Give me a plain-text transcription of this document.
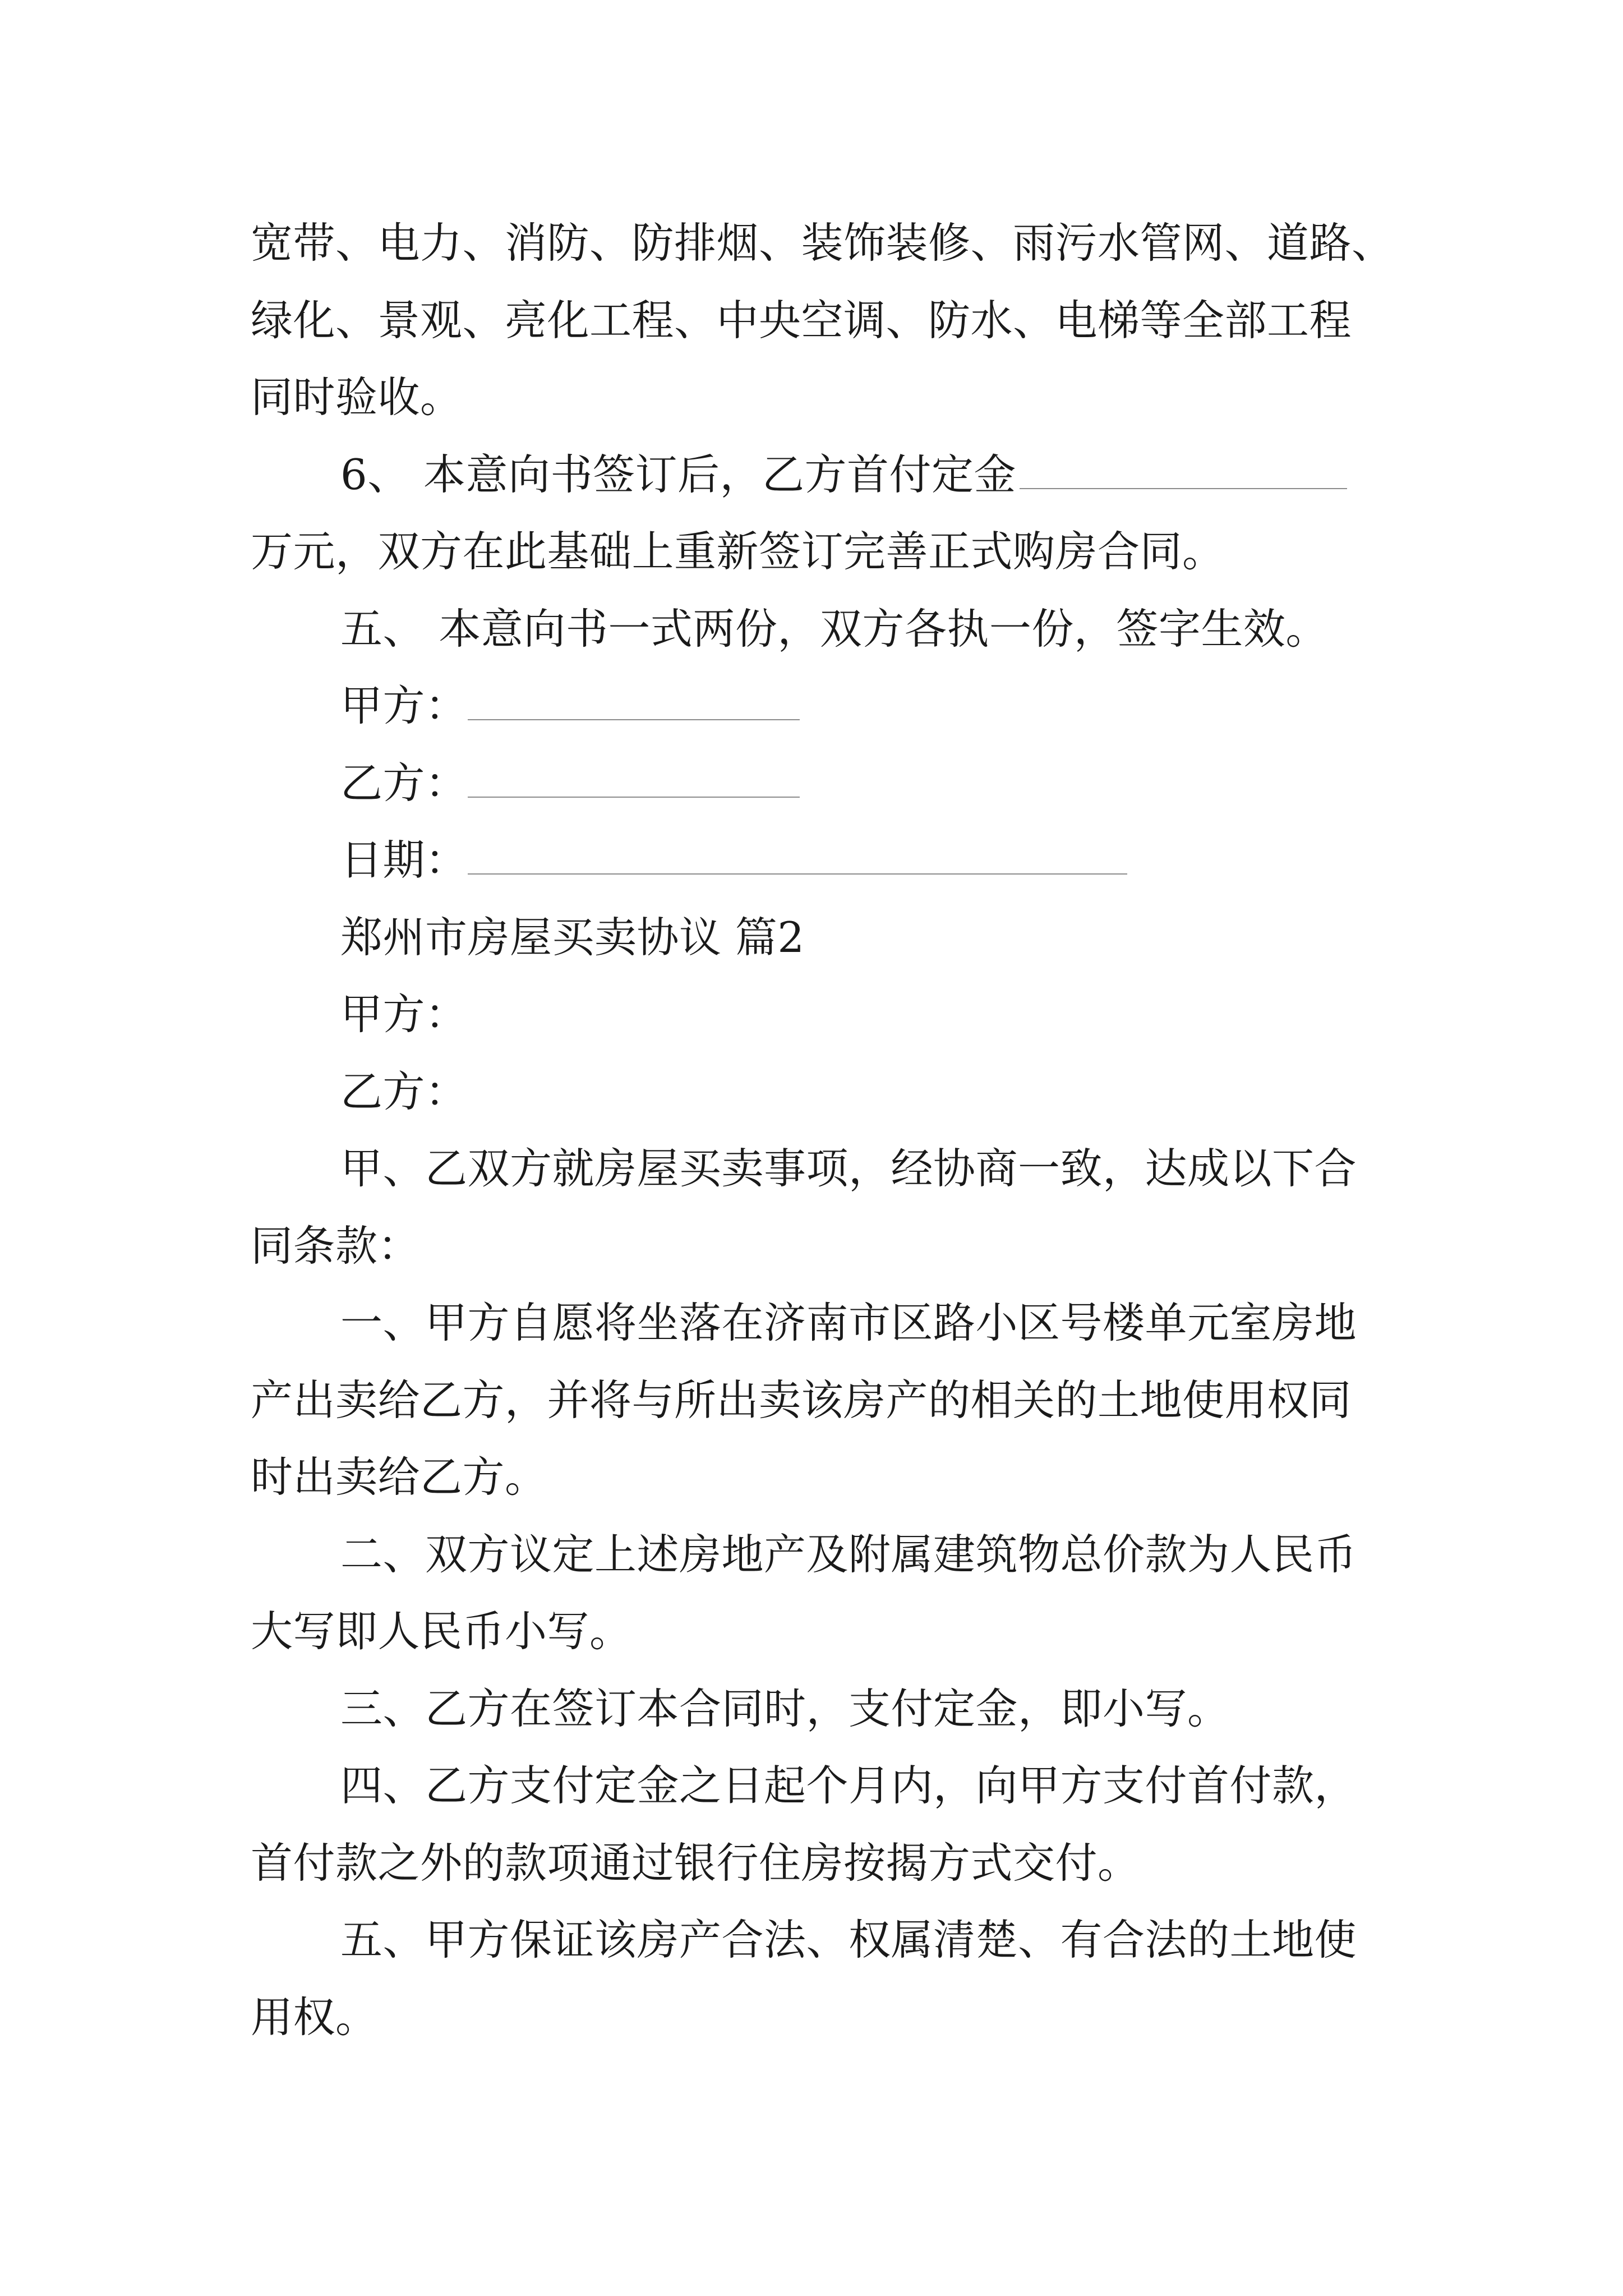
宽带、电力、消防、防排烟、装饰装修、雨污水管网、道路、
绿化、景观、亮化工程、中央空调、防水、电梯等全部工程
同时验收。
6、 本意向书签订后，乙方首付定金
万元，双方在此基础上重新签订完善正式购房合同。
五、 本意向书一式两份，双方各执一份，签字生效。
甲方：
乙方：
日期：
郑州市房屋买卖协议 篇2
甲方：
乙方：
甲、乙双方就房屋买卖事项，经协商一致，达成以下合
同条款：
一、甲方自愿将坐落在济南市区路小区号楼单元室房地
产出卖给乙方，并将与所出卖该房产的相关的土地使用权同
时出卖给乙方。
二、双方议定上述房地产及附属建筑物总价款为人民币
大写即人民币小写。
三、乙方在签订本合同时，支付定金，即小写。
四、乙方支付定金之日起个月内，向甲方支付首付款，
首付款之外的款项通过银行住房按揭方式交付。
五、甲方保证该房产合法、权属清楚、有合法的土地使
用权。
